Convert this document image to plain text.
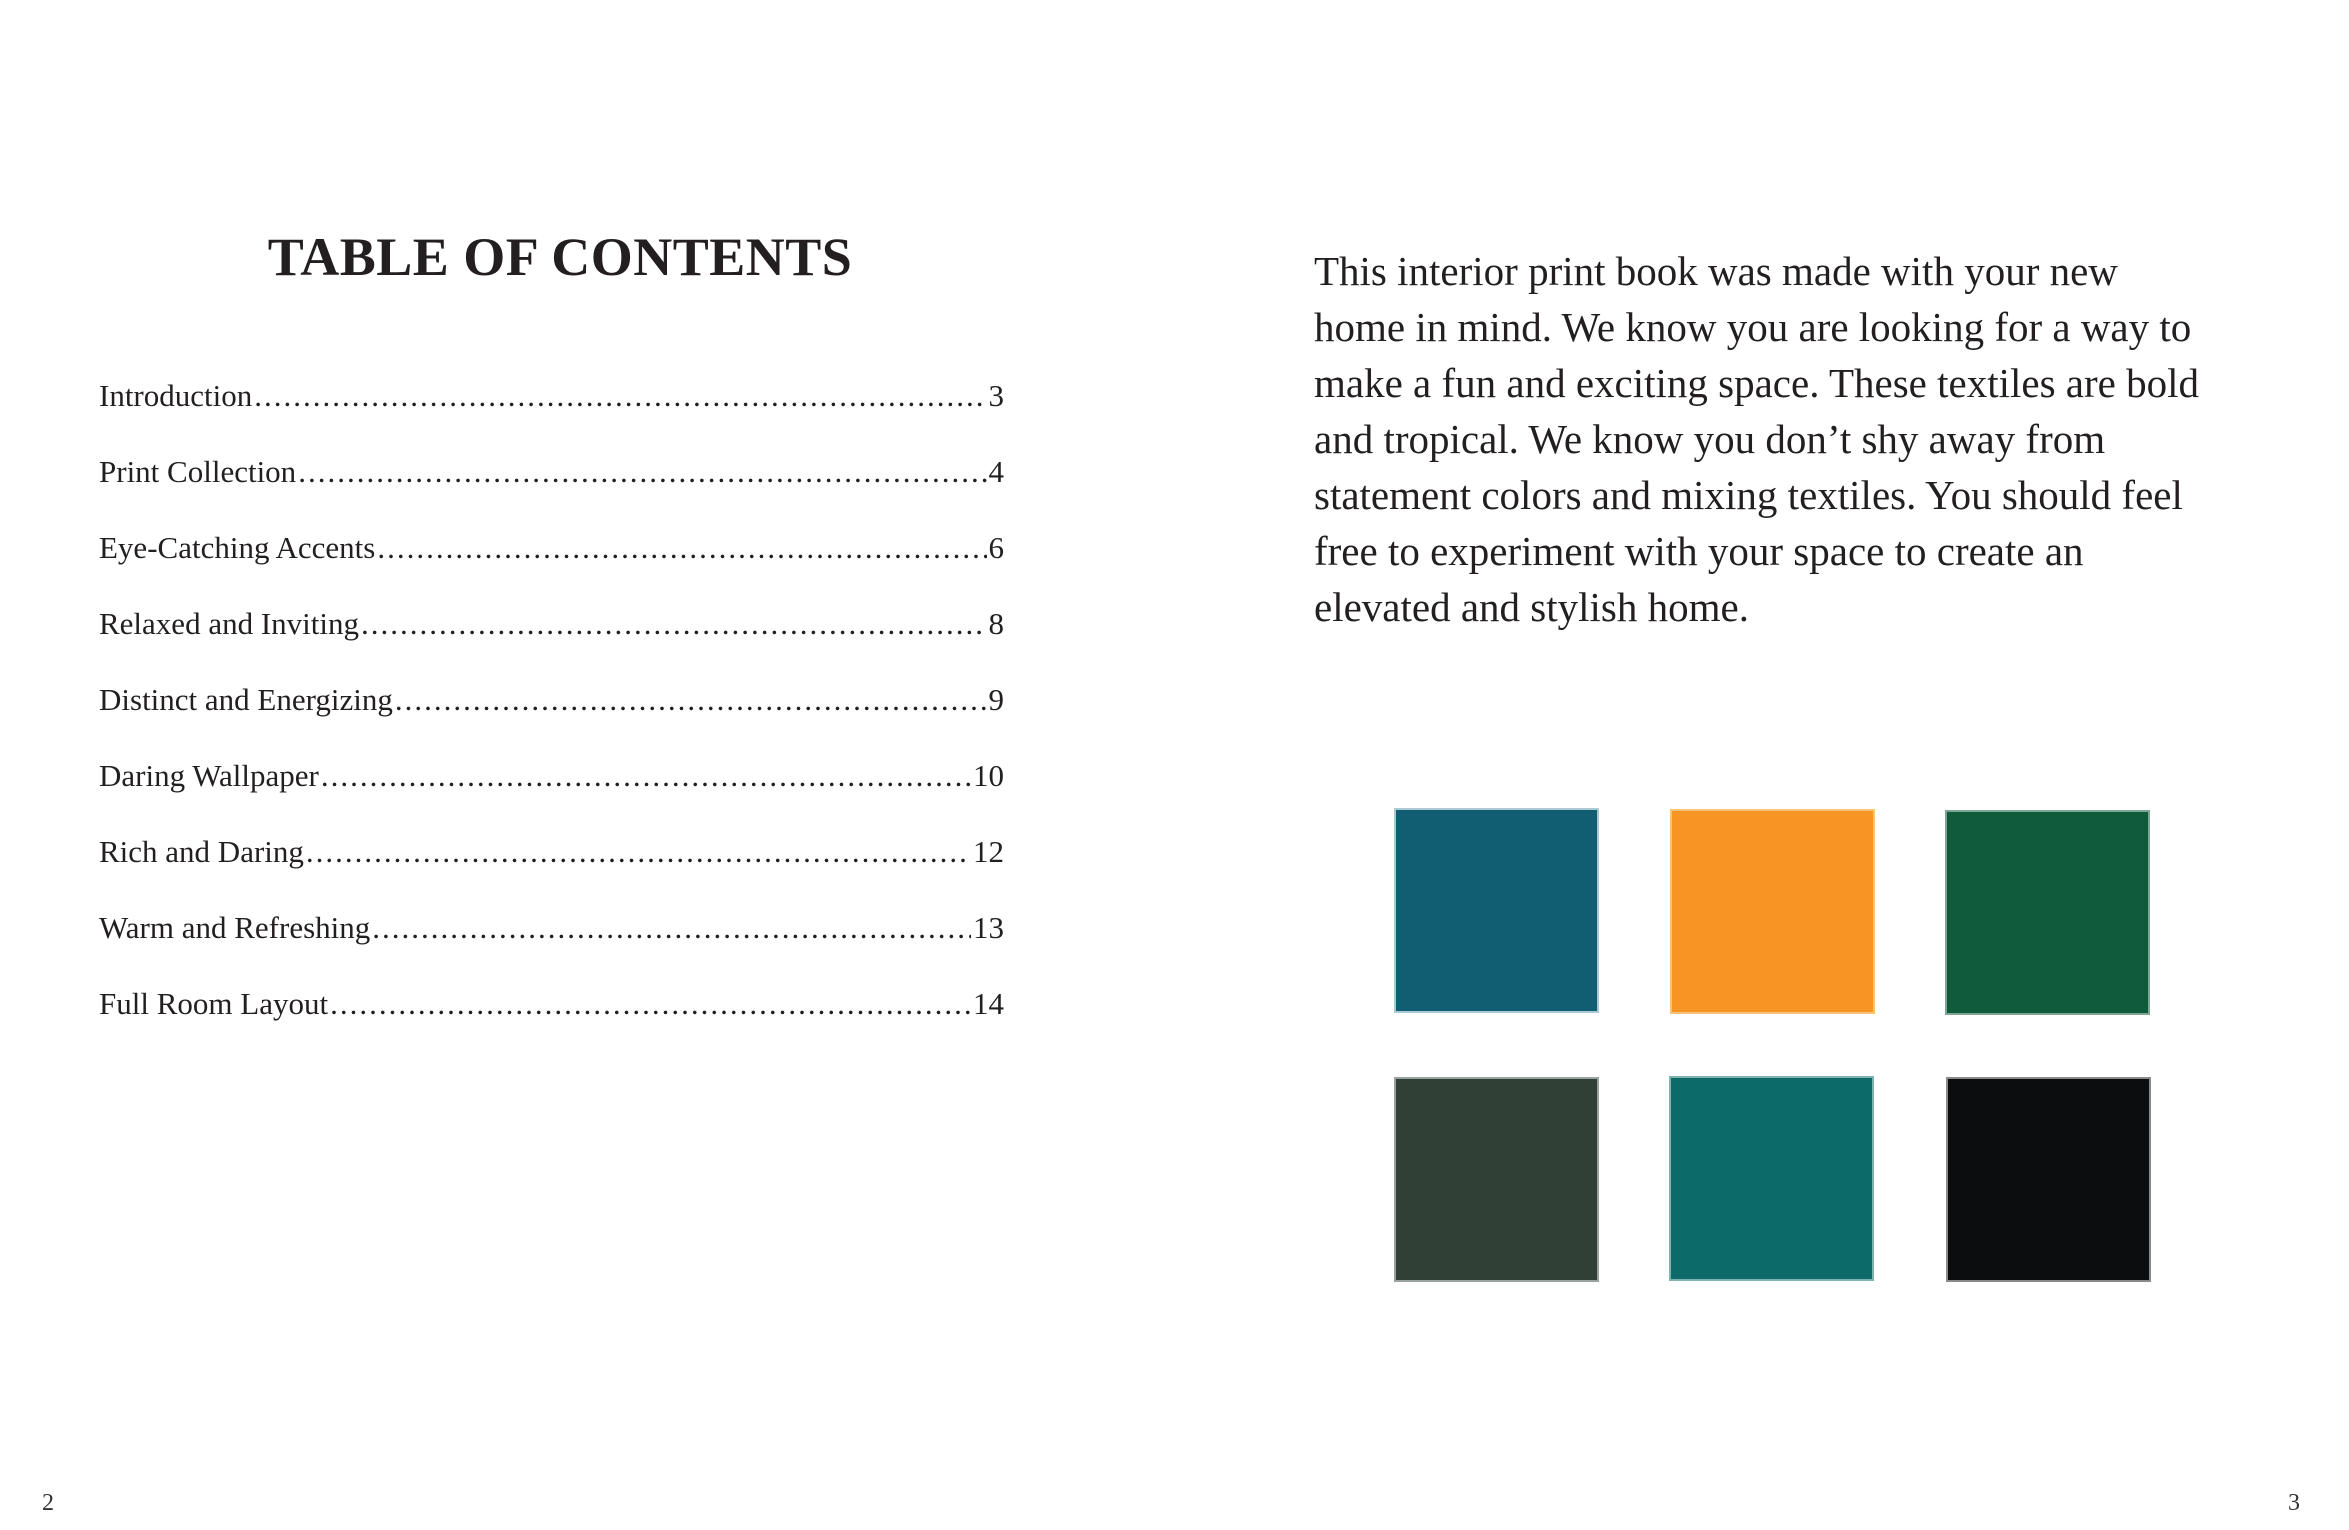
TABLE OF CONTENTS
Introduction .....	3
Print Collection .....	4
Eye-Catching Accents .....	6
Relaxed and Inviting .....	8
Distinct and Energizing .....	9
Daring Wallpaper .....	10
Rich and Daring .....	12
Warm and Refreshing .....	13
Full Room Layout .....	14
2

This interior print book was made with your new home in mind. We know you are looking for a way to make a fun and exciting space. These textiles are bold and tropical. We know you don’t shy away from statement colors and mixing textiles. You should feel free to experiment with your space to create an elevated and stylish home.

3
